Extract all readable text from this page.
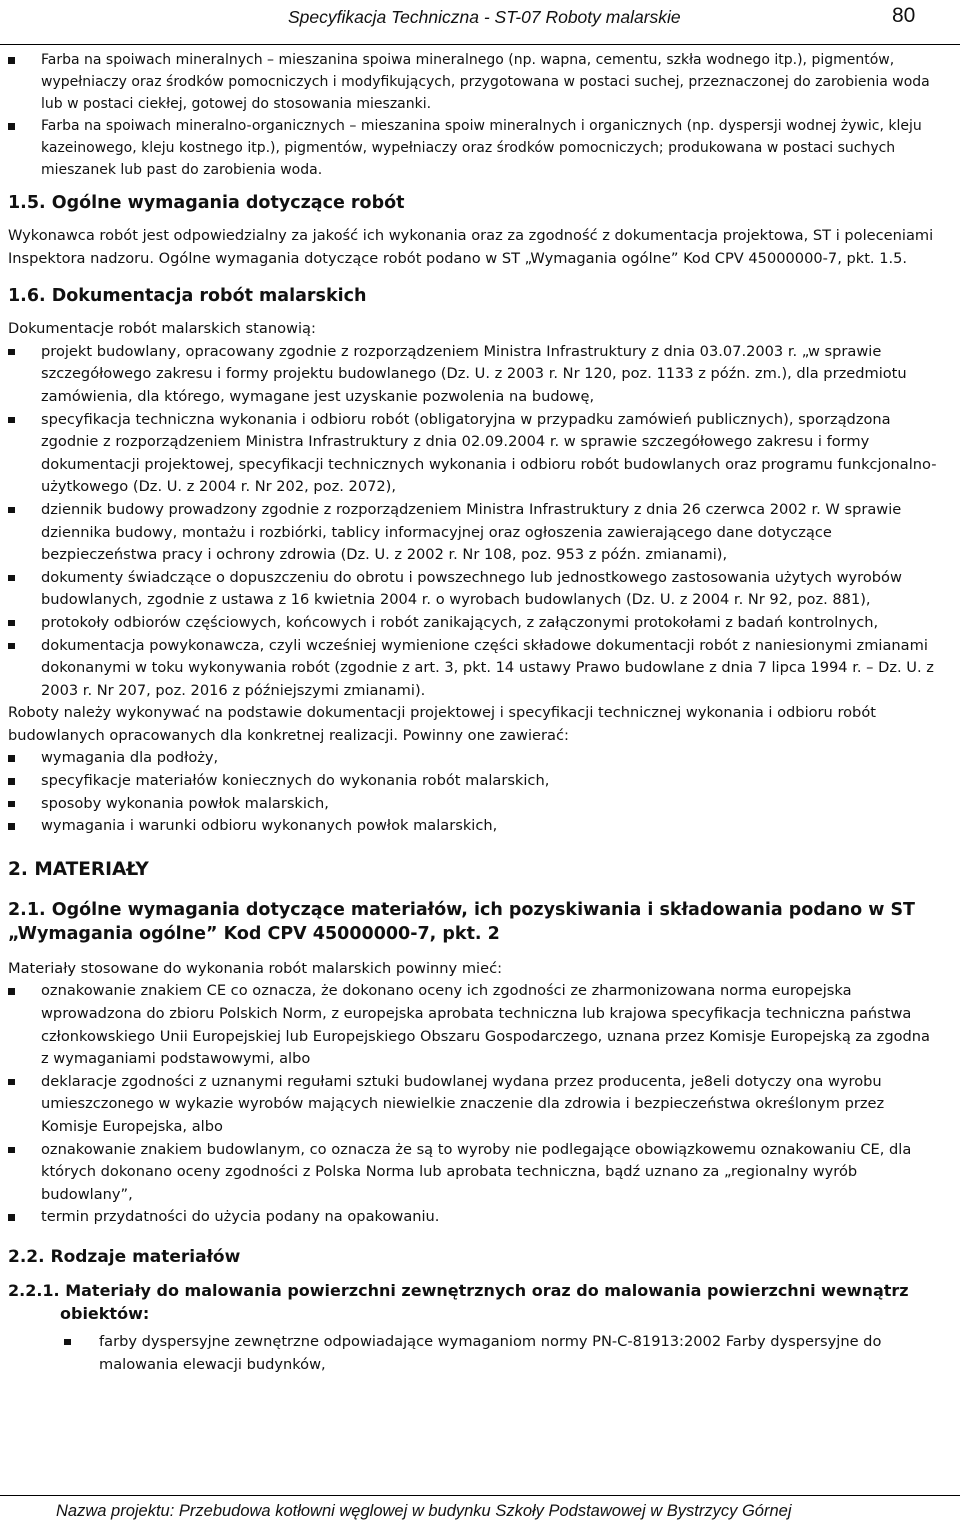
Specyfikacja Techniczna - ST-07 Roboty malarskie	80
Farba na spoiwach mineralnych – mieszanina spoiwa mineralnego (np. wapna, cementu, szkła wodnego itp.), pigmentów, wypełniaczy oraz środków pomocniczych i modyfikujących, przygotowana w postaci suchej, przeznaczonej do zarobienia woda lub w postaci ciekłej, gotowej do stosowania mieszanki.
Farba na spoiwach mineralno-organicznych – mieszanina spoiw mineralnych i organicznych (np. dyspersji wodnej żywic, kleju kazeinowego, kleju kostnego itp.), pigmentów, wypełniaczy oraz środków pomocniczych; produkowana w postaci suchych mieszanek lub past do zarobienia woda.
1.5. Ogólne wymagania dotyczące robót

Wykonawca robót jest odpowiedzialny za jakość ich wykonania oraz za zgodność z dokumentacja projektowa, ST i poleceniami Inspektora nadzoru. Ogólne wymagania dotyczące robót podano w ST „Wymagania ogólne” Kod CPV 45000000-7, pkt. 1.5.

1.6. Dokumentacja robót malarskich

Dokumentacje robót malarskich stanowią:

projekt budowlany, opracowany zgodnie z rozporządzeniem Ministra Infrastruktury z dnia 03.07.2003 r. „w sprawie szczegółowego zakresu i formy projektu budowlanego (Dz. U. z 2003 r. Nr 120, poz. 1133 z późn. zm.), dla przedmiotu zamówienia, dla którego, wymagane jest uzyskanie pozwolenia na budowę,
specyfikacja techniczna wykonania i odbioru robót (obligatoryjna w przypadku zamówień publicznych), sporządzona zgodnie z rozporządzeniem Ministra Infrastruktury z dnia 02.09.2004 r. w sprawie szczegółowego zakresu i formy dokumentacji projektowej, specyfikacji technicznych wykonania i odbioru robót budowlanych oraz programu funkcjonalno-użytkowego (Dz. U. z 2004 r. Nr 202, poz. 2072),
dziennik budowy prowadzony zgodnie z rozporządzeniem Ministra Infrastruktury z dnia 26 czerwca 2002 r. W sprawie dziennika budowy, montażu i rozbiórki, tablicy informacyjnej oraz ogłoszenia zawierającego dane dotyczące bezpieczeństwa pracy i ochrony zdrowia (Dz. U. z 2002 r. Nr 108, poz. 953 z późn. zmianami),
dokumenty świadczące o dopuszczeniu do obrotu i powszechnego lub jednostkowego zastosowania użytych wyrobów budowlanych, zgodnie z ustawa z 16 kwietnia 2004 r. o wyrobach budowlanych (Dz. U. z 2004 r. Nr 92, poz. 881),
protokoły odbiorów częściowych, końcowych i robót zanikających, z załączonymi protokołami z badań kontrolnych,
dokumentacja powykonawcza, czyli wcześniej wymienione części składowe dokumentacji robót z naniesionymi zmianami dokonanymi w toku wykonywania robót (zgodnie z art. 3, pkt. 14 ustawy Prawo budowlane z dnia 7 lipca 1994 r. – Dz. U. z 2003 r. Nr 207, poz. 2016 z późniejszymi zmianami).

Roboty należy wykonywać na podstawie dokumentacji projektowej i specyfikacji technicznej wykonania i odbioru robót budowlanych opracowanych dla konkretnej realizacji. Powinny one zawierać:

wymagania dla podłoży,
specyfikacje materiałów koniecznych do wykonania robót malarskich,
sposoby wykonania powłok malarskich,
wymagania i warunki odbioru wykonanych powłok malarskich,
2. MATERIAŁY
2.1. Ogólne wymagania dotyczące materiałów, ich pozyskiwania i składowania podano w ST „Wymagania ogólne” Kod CPV 45000000-7, pkt. 2

Materiały stosowane do wykonania robót malarskich powinny mieć:

oznakowanie znakiem CE co oznacza, że dokonano oceny ich zgodności ze zharmonizowana norma europejska wprowadzona do zbioru Polskich Norm, z europejska aprobata techniczna lub krajowa specyfikacja techniczna państwa członkowskiego Unii Europejskiej lub Europejskiego Obszaru Gospodarczego, uznana przez Komisje Europejską za zgodna z wymaganiami podstawowymi, albo
deklaracje zgodności z uznanymi regułami sztuki budowlanej wydana przez producenta, je8eli dotyczy ona wyrobu umieszczonego w wykazie wyrobów mających niewielkie znaczenie dla zdrowia i bezpieczeństwa określonym przez Komisje Europejska, albo
oznakowanie znakiem budowlanym, co oznacza że są to wyroby nie podlegające obowiązkowemu oznakowaniu CE, dla których dokonano oceny zgodności z Polska Norma lub aprobata techniczna, bądź uznano za „regionalny wyrób budowlany”,
termin przydatności do użycia podany na opakowaniu.
2.2. Rodzaje materiałów
2.2.1. Materiały do malowania powierzchni zewnętrznych oraz do malowania powierzchni wewnątrz obiektów:
farby dyspersyjne zewnętrzne odpowiadające wymaganiom normy PN-C-81913:2002 Farby dyspersyjne do malowania elewacji budynków,
Nazwa projektu: Przebudowa kotłowni węglowej w budynku Szkoły Podstawowej w Bystrzycy Górnej
